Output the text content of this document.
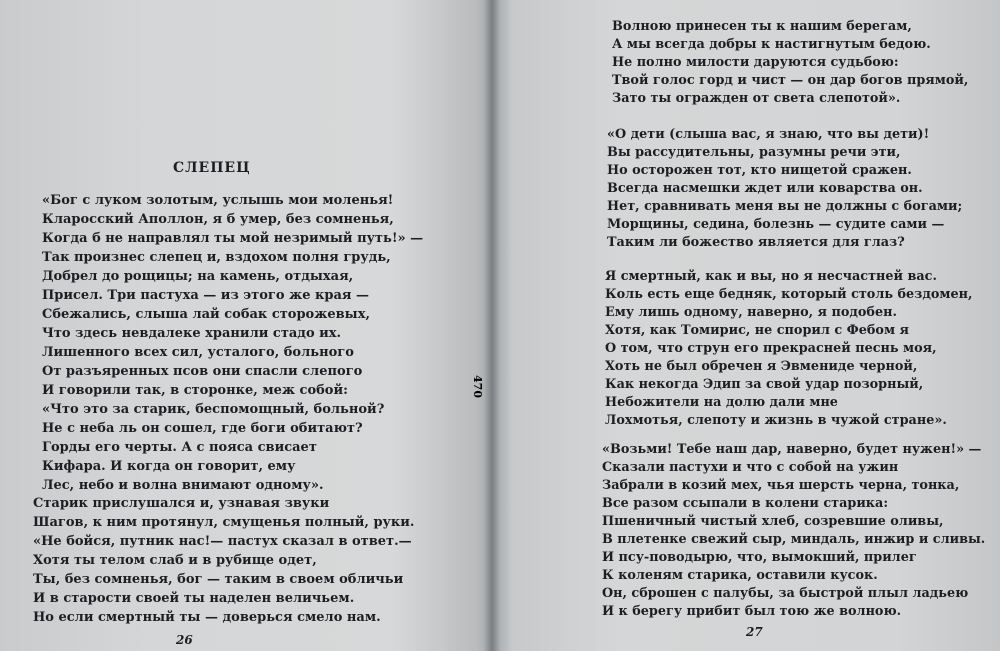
СЛЕПЕЦ
«Бог с луком золотым, услышь мои моленья!
Кларосский Аполлон, я б умер, без сомненья,
Когда б не направлял ты мой незримый путь!» —
Так произнес слепец и, вздохом полня грудь,
Добрел до рощицы; на камень, отдыхая,
Присел. Три пастуха — из этого же края —
Сбежались, слыша лай собак сторожевых,
Что здесь невдалеке хранили стадо их.
Лишенного всех сил, усталого, больного
От разъяренных псов они спасли слепого
И говорили так, в сторонке, меж собой:
«Что это за старик, беспомощный, больной?
Не с неба ль он сошел, где боги обитают?
Горды его черты. А с пояса свисает
Кифара. И когда он говорит, ему
Лес, небо и волна внимают одному».
Старик прислушался и, узнавая звуки
Шагов, к ним протянул, смущенья полный, руки.
«Не бойся, путник нас!— пастух сказал в ответ.—
Хотя ты телом слаб и в рубище одет,
Ты, без сомненья, бог — таким в своем обличьи
И в старости своей ты наделен величьем.
Но если смертный ты — доверься смело нам.
26
Волною принесен ты к нашим берегам,
А мы всегда добры к настигнутым бедою.
Не полно милости даруются судьбою:
Твой голос горд и чист — он дар богов прямой,
Зато ты огражден от света слепотой».
«О дети (слыша вас, я знаю, что вы дети)!
Вы рассудительны, разумны речи эти,
Но осторожен тот, кто нищетой сражен.
Всегда насмешки ждет или коварства он.
Нет, сравнивать меня вы не должны с богами;
Морщины, седина, болезнь — судите сами —
Таким ли божество является для глаз?
Я смертный, как и вы, но я несчастней вас.
Коль есть еще бедняк, который столь бездомен,
Ему лишь одному, наверно, я подобен.
Хотя, как Томирис, не спорил с Фебом я
О том, что струн его прекрасней песнь моя,
Хоть не был обречен я Эвмениде черной,
Как некогда Эдип за свой удар позорный,
Небожители на долю дали мне
Лохмотья, слепоту и жизнь в чужой стране».
«Возьми! Тебе наш дар, наверно, будет нужен!» —
Сказали пастухи и что с собой на ужин
Забрали в козий мех, чья шерсть черна, тонка,
Все разом ссыпали в колени старика:
Пшеничный чистый хлеб, созревшие оливы,
В плетенке свежий сыр, миндаль, инжир и сливы.
И псу-поводырю, что, вымокший, прилег
К коленям старика, оставили кусок.
Он, сброшен с палубы, за быстрой плыл ладьею
И к берегу прибит был тою же волною.
27
470
